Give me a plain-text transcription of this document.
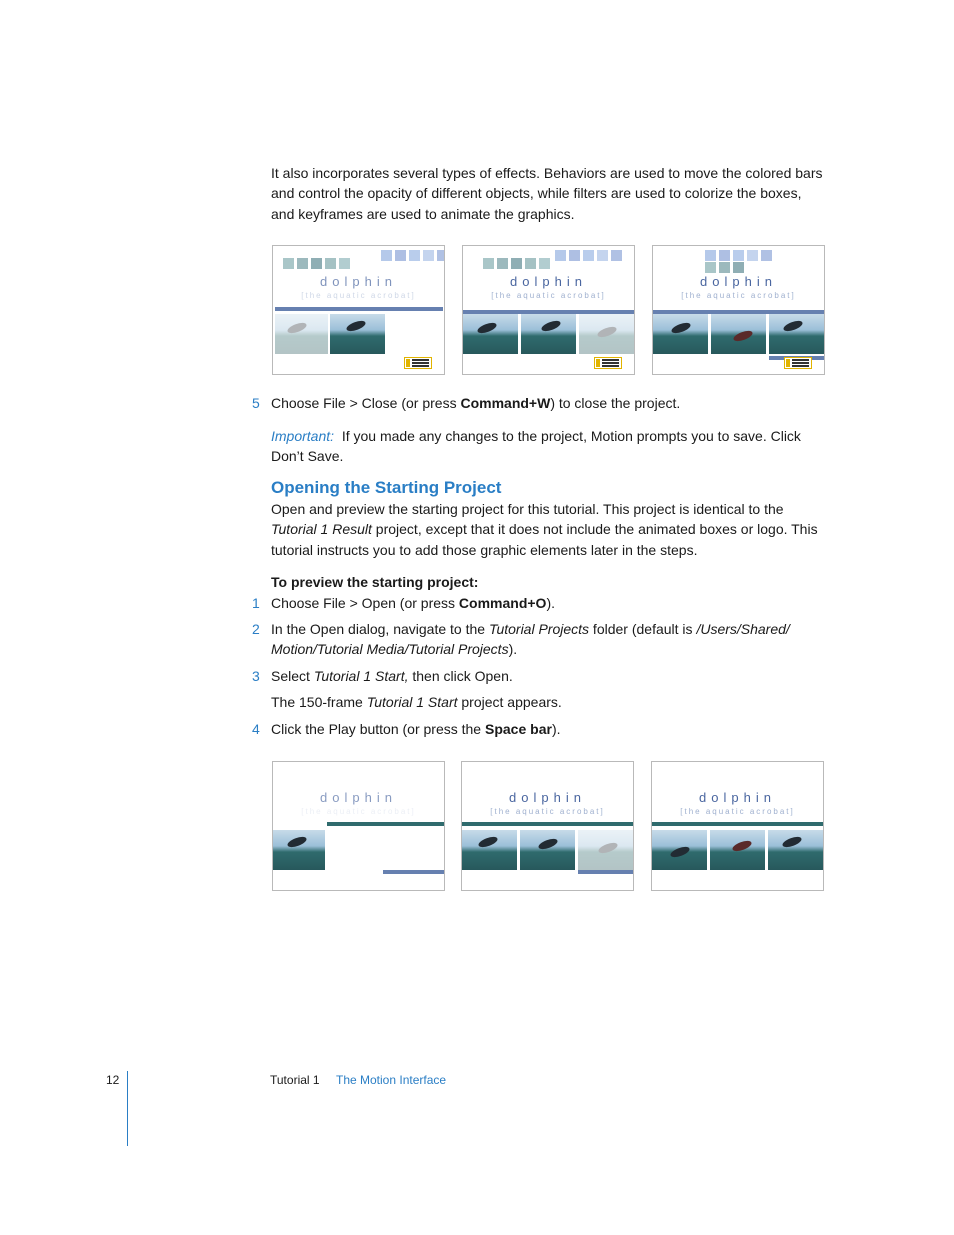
It also incorporates several types of effects. Behaviors are used to move the colored bars and control the opacity of different objects, while filters are used to colorize the boxes, and keyframes are used to animate the graphics.

dolphin
[the aquatic acrobat]
dolphin
[the aquatic acrobat]
dolphin
[the aquatic acrobat]
5 Choose File > Close (or press Command+W) to close the project.

Important: If you made any changes to the project, Motion prompts you to save. Click Don’t Save.

Opening the Starting Project

Open and preview the starting project for this tutorial. This project is identical to the Tutorial 1 Result project, except that it does not include the animated boxes or logo. This tutorial instructs you to add those graphic elements later in the steps.

To preview the starting project:

1 Choose File > Open (or press Command+O).

2 In the Open dialog, navigate to the Tutorial Projects folder (default is /Users/Shared/ Motion/Tutorial Media/Tutorial Projects).

3 Select Tutorial 1 Start, then click Open.

The 150-frame Tutorial 1 Start project appears.

4 Click the Play button (or press the Space bar).

dolphin
[the aquatic acrobat]
dolphin
[the aquatic acrobat]
dolphin
[the aquatic acrobat]
12	Tutorial 1 The Motion Interface
